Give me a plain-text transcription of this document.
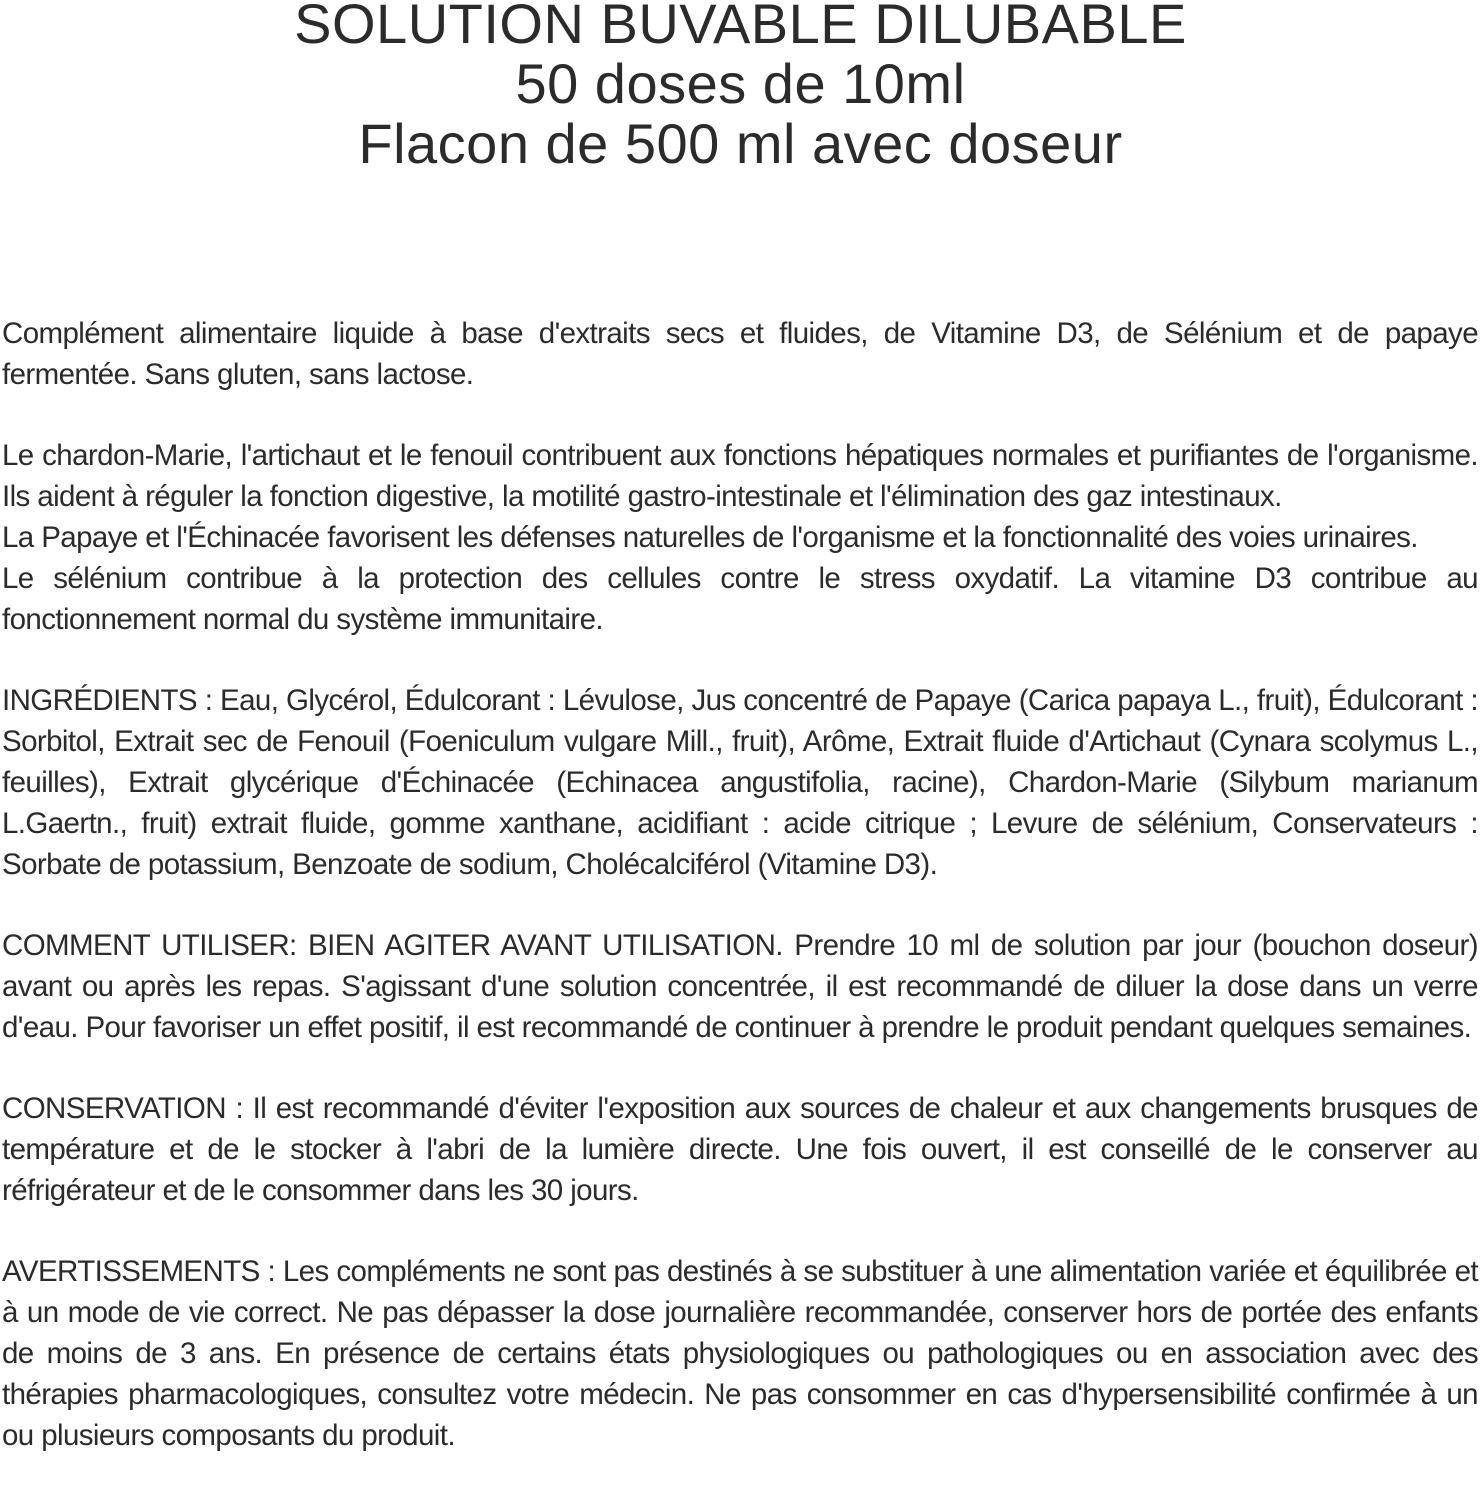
SOLUTION BUVABLE DILUBABLE
50 doses de 10ml
Flacon de 500 ml avec doseur

Complément alimentaire liquide à base d'extraits secs et fluides, de Vitamine D3, de Sélénium et de papaye fermentée. Sans gluten, sans lactose.

Le chardon-Marie, l'artichaut et le fenouil contribuent aux fonctions hépatiques normales et purifiantes de l'organisme. Ils aident à réguler la fonction digestive, la motilité gastro-intestinale et l'élimination des gaz intestinaux.

La Papaye et l'Échinacée favorisent les défenses naturelles de l'organisme et la fonctionnalité des voies urinaires.

Le sélénium contribue à la protection des cellules contre le stress oxydatif. La vitamine D3 contribue au fonctionnement normal du système immunitaire.

INGRÉDIENTS : Eau, Glycérol, Édulcorant : Lévulose, Jus concentré de Papaye (Carica papaya L., fruit), Édulcorant : Sorbitol, Extrait sec de Fenouil (Foeniculum vulgare Mill., fruit), Arôme, Extrait fluide d'Artichaut (Cynara scolymus L., feuilles), Extrait glycérique d'Échinacée (Echinacea angustifolia, racine), Chardon-Marie (Silybum marianum L.Gaertn., fruit) extrait fluide, gomme xanthane, acidifiant : acide citrique ; Levure de sélénium, Conservateurs : Sorbate de potassium, Benzoate de sodium, Cholécalciférol (Vitamine D3).

COMMENT UTILISER: BIEN AGITER AVANT UTILISATION. Prendre 10 ml de solution par jour (bouchon doseur) avant ou après les repas. S'agissant d'une solution concentrée, il est recommandé de diluer la dose dans un verre d'eau. Pour favoriser un effet positif, il est recommandé de continuer à prendre le produit pendant quelques semaines.

CONSERVATION : Il est recommandé d'éviter l'exposition aux sources de chaleur et aux changements brusques de température et de le stocker à l'abri de la lumière directe. Une fois ouvert, il est conseillé de le conserver au réfrigérateur et de le consommer dans les 30 jours.

AVERTISSEMENTS : Les compléments ne sont pas destinés à se substituer à une alimentation variée et équilibrée et à un mode de vie correct. Ne pas dépasser la dose journalière recommandée, conserver hors de portée des enfants de moins de 3 ans. En présence de certains états physiologiques ou pathologiques ou en association avec des thérapies pharmacologiques, consultez votre médecin. Ne pas consommer en cas d'hypersensibilité confirmée à un ou plusieurs composants du produit.
